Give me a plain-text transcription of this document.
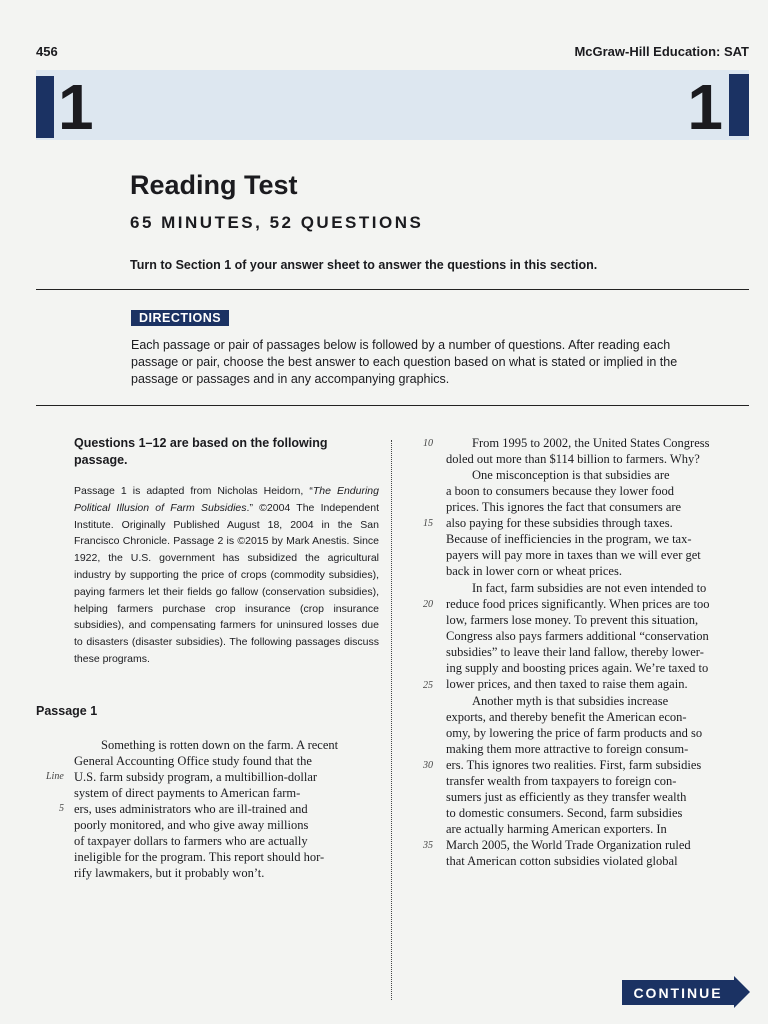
456	McGraw-Hill Education: SAT
1	1
Reading Test
65 MINUTES, 52 QUESTIONS
Turn to Section 1 of your answer sheet to answer the questions in this section.
DIRECTIONS
Each passage or pair of passages below is followed by a number of questions. After reading each passage or pair, choose the best answer to each question based on what is stated or implied in the passage or passages and in any accompanying graphics.
Questions 1–12 are based on the following passage.
Passage 1 is adapted from Nicholas Heidorn, “The Enduring Political Illusion of Farm Subsidies.” ©2004 The Independent Institute. Originally Published August 18, 2004 in the San Francisco Chronicle. Passage 2 is ©2015 by Mark Anestis. Since 1922, the U.S. government has subsidized the agricultural industry by supporting the price of crops (commodity subsidies), paying farmers let their fields go fallow (conservation subsidies), helping farmers purchase crop insurance (crop insurance subsidies), and compensating farmers for uninsured losses due to disasters (disaster subsidies). The following passages discuss these programs.
Passage 1
Something is rotten down on the farm. A recent
General Accounting Office study found that the
U.S. farm subsidy program, a multibillion-dollar
system of direct payments to American farm-
ers, uses administrators who are ill-trained and
poorly monitored, and who give away millions
of taxpayer dollars to farmers who are actually
ineligible for the program. This report should hor-
rify lawmakers, but it probably won’t.
Line
5
From 1995 to 2002, the United States Congress
doled out more than $114 billion to farmers. Why?
One misconception is that subsidies are
a boon to consumers because they lower food
prices. This ignores the fact that consumers are
also paying for these subsidies through taxes.
Because of inefficiencies in the program, we tax-
payers will pay more in taxes than we will ever get
back in lower corn or wheat prices.
In fact, farm subsidies are not even intended to
reduce food prices significantly. When prices are too
low, farmers lose money. To prevent this situation,
Congress also pays farmers additional “conservation
subsidies” to leave their land fallow, thereby lower-
ing supply and boosting prices again. We’re taxed to
lower prices, and then taxed to raise them again.
Another myth is that subsidies increase
exports, and thereby benefit the American econ-
omy, by lowering the price of farm products and so
making them more attractive to foreign consum-
ers. This ignores two realities. First, farm subsidies
transfer wealth from taxpayers to foreign con-
sumers just as efficiently as they transfer wealth
to domestic consumers. Second, farm subsidies
are actually harming American exporters. In
March 2005, the World Trade Organization ruled
that American cotton subsidies violated global
10
15
20
25
30
35
CONTINUE
